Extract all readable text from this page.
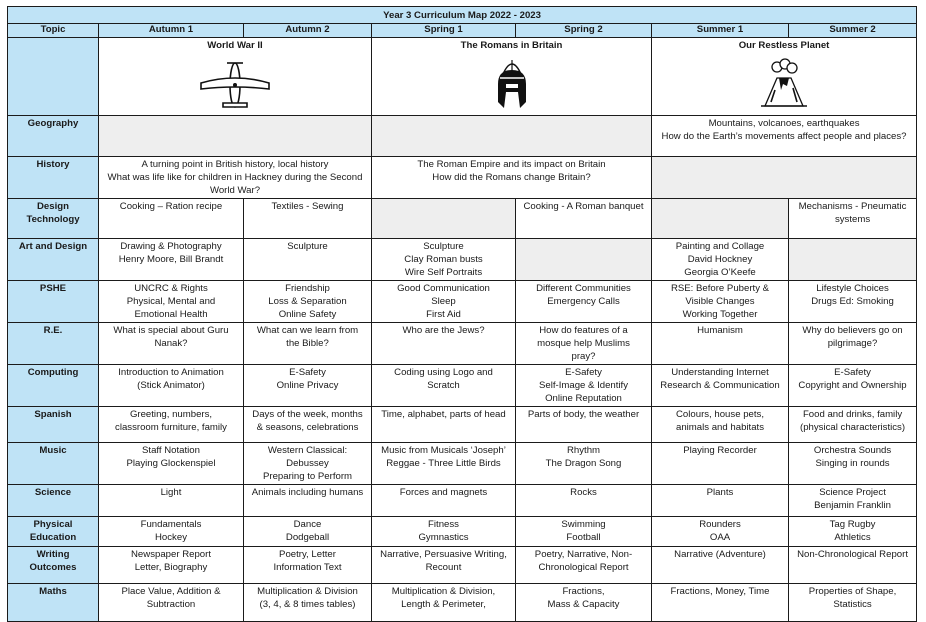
Year 3 Curriculum Map 2022 - 2023						
Topic	Autumn 1	Autumn 2	Spring 1	Spring 2	Summer 1	Summer 2

	World War II		The Romans in Britain		Our Restless Planet	

Geography					Mountains, volcanoes, earthquakes
How do the Earth’s movements affect people and places?	

History	A turning point in British history, local history
What was life like for children in Hackney during the Second World War?		The Roman Empire and its impact on Britain
How did the Romans change Britain?			

Design
Technology	Cooking – Ration recipe	Textiles - Sewing		Cooking - A Roman banquet		Mechanisms - Pneumatic systems

Art and Design	Drawing & Photography
Henry Moore, Bill Brandt	Sculpture	Sculpture
Clay Roman busts
Wire Self Portraits		Painting and Collage
David Hockney
Georgia O’Keefe	

PSHE	UNCRC & Rights
Physical, Mental and
Emotional Health	Friendship
Loss & Separation
Online Safety	Good Communication
Sleep
First Aid	Different Communities
Emergency Calls	RSE: Before Puberty &
Visible Changes
Working Together	Lifestyle Choices
Drugs Ed: Smoking

R.E.	What is special about Guru
Nanak?	What can we learn from
the Bible?	Who are the Jews?	How do features of a
mosque help Muslims
pray?	Humanism	Why do believers go on
pilgrimage?

Computing	Introduction to Animation
(Stick Animator)	E-Safety
Online Privacy	Coding using Logo and
Scratch	E-Safety
Self-Image & Identify
Online Reputation	Understanding Internet
Research & Communication	E-Safety
Copyright and Ownership

Spanish	Greeting, numbers,
classroom furniture, family	Days of the week, months
& seasons, celebrations	Time, alphabet, parts of head	Parts of body, the weather	Colours, house pets,
animals and habitats	Food and drinks, family
(physical characteristics)

Music	Staff Notation
Playing Glockenspiel	Western Classical:
Debussey
Preparing to Perform	Music from Musicals ‘Joseph’
Reggae - Three Little Birds	Rhythm
The Dragon Song	Playing Recorder	Orchestra Sounds
Singing in rounds

Science	Light	Animals including humans	Forces and magnets	Rocks	Plants	Science Project
Benjamin Franklin

Physical
Education	Fundamentals
Hockey	Dance
Dodgeball	Fitness
Gymnastics	Swimming
Football	Rounders
OAA	Tag Rugby
Athletics

Writing
Outcomes	Newspaper Report
Letter, Biography	Poetry, Letter
Information Text	Narrative, Persuasive Writing,
Recount	Poetry, Narrative, Non-
Chronological Report	Narrative (Adventure)	Non-Chronological Report

Maths	Place Value, Addition &
Subtraction	Multiplication & Division
(3, 4, & 8 times tables)	Multiplication & Division,
Length & Perimeter,	Fractions,
Mass & Capacity	Fractions, Money, Time	Properties of Shape,
Statistics
